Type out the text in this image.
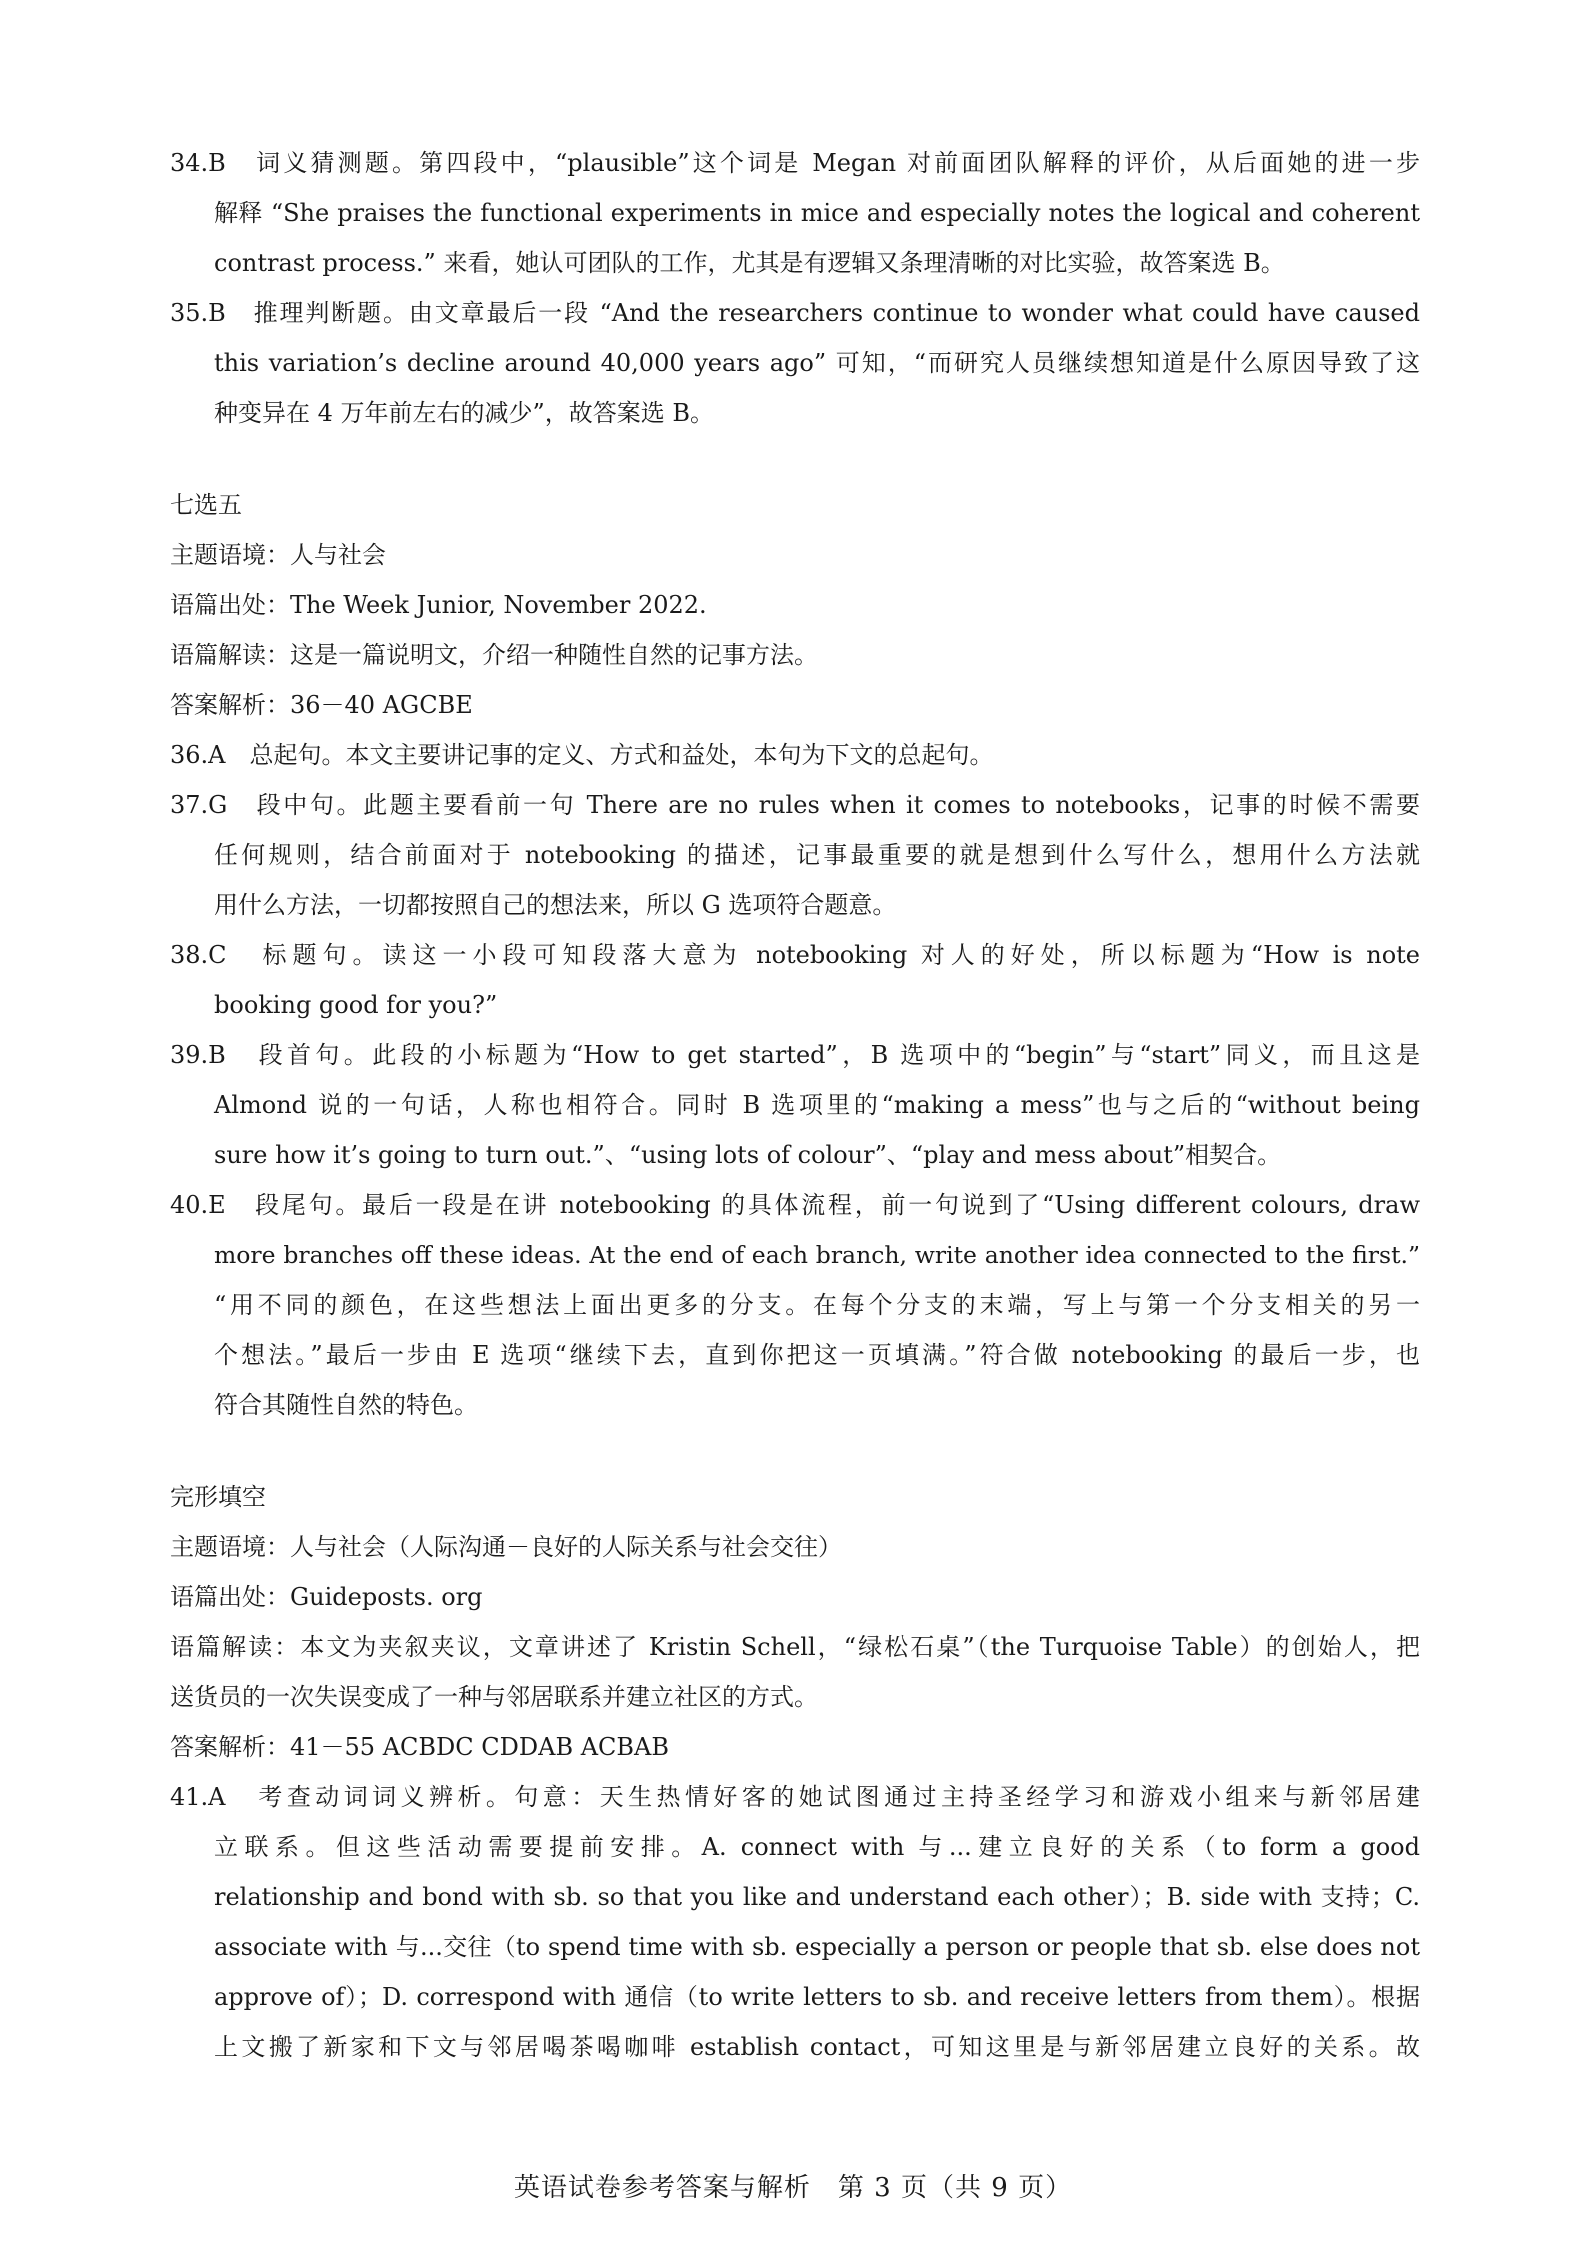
34.B　词义猜测题。第四段中，“plausible”这个词是 Megan 对前面团队解释的评价，从后面她的进一步
解释 “She praises the functional experiments in mice and especially notes the logical and coherent
contrast process.” 来看，她认可团队的工作，尤其是有逻辑又条理清晰的对比实验，故答案选 B。
35.B　推理判断题。由文章最后一段 “And the researchers continue to wonder what could have caused
this variation’s decline around 40,000 years ago” 可知，“而研究人员继续想知道是什么原因导致了这
种变异在 4 万年前左右的减少”，故答案选 B。
七选五
主题语境：人与社会
语篇出处：The Week Junior, November 2022.
语篇解读：这是一篇说明文，介绍一种随性自然的记事方法。
答案解析：36－40 AGCBE
36.A　总起句。本文主要讲记事的定义、方式和益处，本句为下文的总起句。
37.G　段中句。此题主要看前一句 There are no rules when it comes to notebooks，记事的时候不需要
任何规则，结合前面对于 notebooking 的描述，记事最重要的就是想到什么写什么，想用什么方法就
用什么方法，一切都按照自己的想法来，所以 G 选项符合题意。
38.C　标题句。读这一小段可知段落大意为 notebooking 对人的好处，所以标题为“How is note
booking good for you?”
39.B　段首句。此段的小标题为“How to get started”，B 选项中的“begin”与“start”同义，而且这是
Almond 说的一句话，人称也相符合。同时 B 选项里的“making a mess”也与之后的“without being
sure how it’s going to turn out.”、“using lots of colour”、“play and mess about”相契合。
40.E　段尾句。最后一段是在讲 notebooking 的具体流程，前一句说到了“Using different colours, draw
more branches off these ideas. At the end of each branch, write another idea connected to the first.”
“用不同的颜色，在这些想法上面出更多的分支。在每个分支的末端，写上与第一个分支相关的另一
个想法。”最后一步由 E 选项“继续下去，直到你把这一页填满。”符合做 notebooking 的最后一步，也
符合其随性自然的特色。
完形填空
主题语境：人与社会（人际沟通－良好的人际关系与社会交往）
语篇出处：Guideposts. org
语篇解读：本文为夹叙夹议，文章讲述了 Kristin Schell，“绿松石桌”（the Turquoise Table）的创始人，把
送货员的一次失误变成了一种与邻居联系并建立社区的方式。
答案解析：41－55 ACBDC CDDAB ACBAB
41.A　考查动词词义辨析。句意：天生热情好客的她试图通过主持圣经学习和游戏小组来与新邻居建
立联系。但这些活动需要提前安排。A. connect with 与...建立良好的关系（to form a good
relationship and bond with sb. so that you like and understand each other）；B. side with 支持；C.
associate with 与...交往（to spend time with sb. especially a person or people that sb. else does not
approve of）；D. correspond with 通信（to write letters to sb. and receive letters from them）。根据
上文搬了新家和下文与邻居喝茶喝咖啡 establish contact，可知这里是与新邻居建立良好的关系。故
英语试卷参考答案与解析　第 3 页（共 9 页）
